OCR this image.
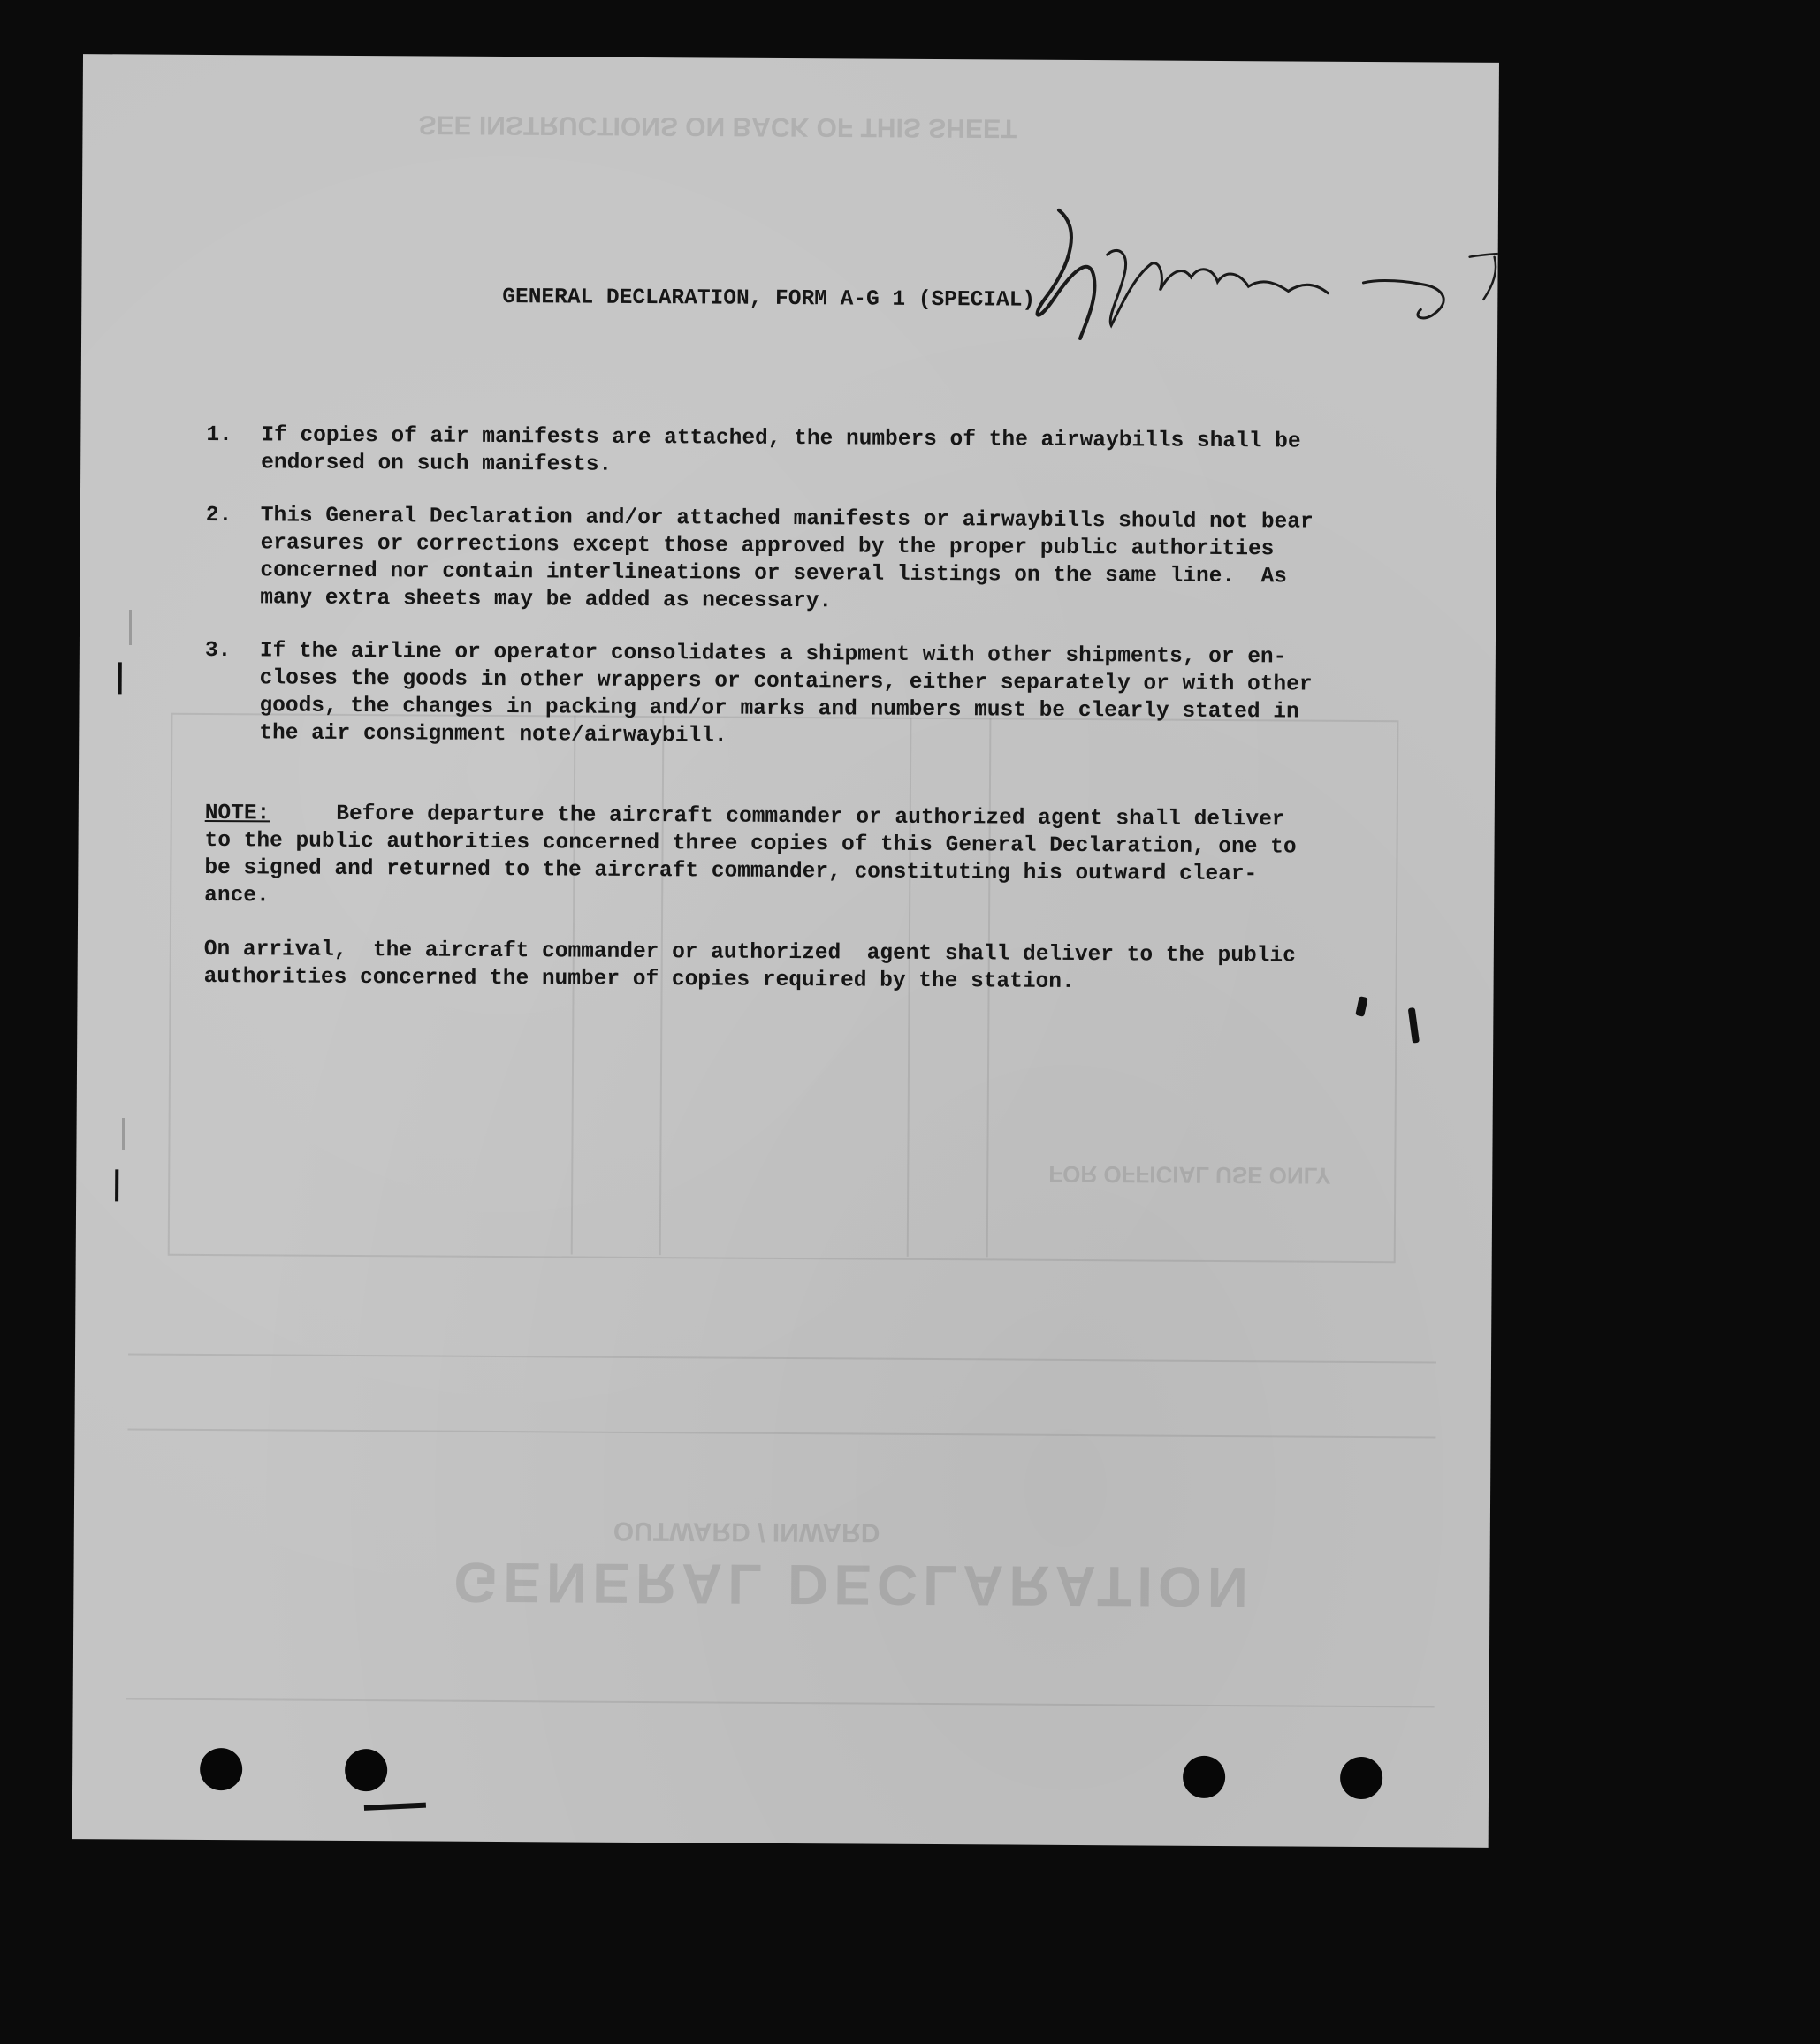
SEE INSTRUCTIONS ON BACK OF THIS SHEET
GENERAL DECLARATION
OUTWARD / INWARD
FOR OFFICIAL USE ONLY

GENERAL DECLARATION, FORM A-G 1 (SPECIAL)

1. If copies of air manifests are attached, the numbers of the airwaybills shall be

endorsed on such manifests.

2. This General Declaration and/or attached manifests or airwaybills should not bear

erasures or corrections except those approved by the proper public authorities

concerned nor contain interlineations or several listings on the same line.  As

many extra sheets may be added as necessary.

3. If the airline or operator consolidates a shipment with other shipments, or en-

closes the goods in other wrappers or containers, either separately or with other

goods, the changes in packing and/or marks and numbers must be clearly stated in

the air consignment note/airwaybill.

NOTE: Before departure the aircraft commander or authorized agent shall deliver

to the public authorities concerned three copies of this General Declaration, one to

be signed and returned to the aircraft commander, constituting his outward clear-

ance.

On arrival,  the aircraft commander or authorized  agent shall deliver to the public

authorities concerned the number of copies required by the station.
